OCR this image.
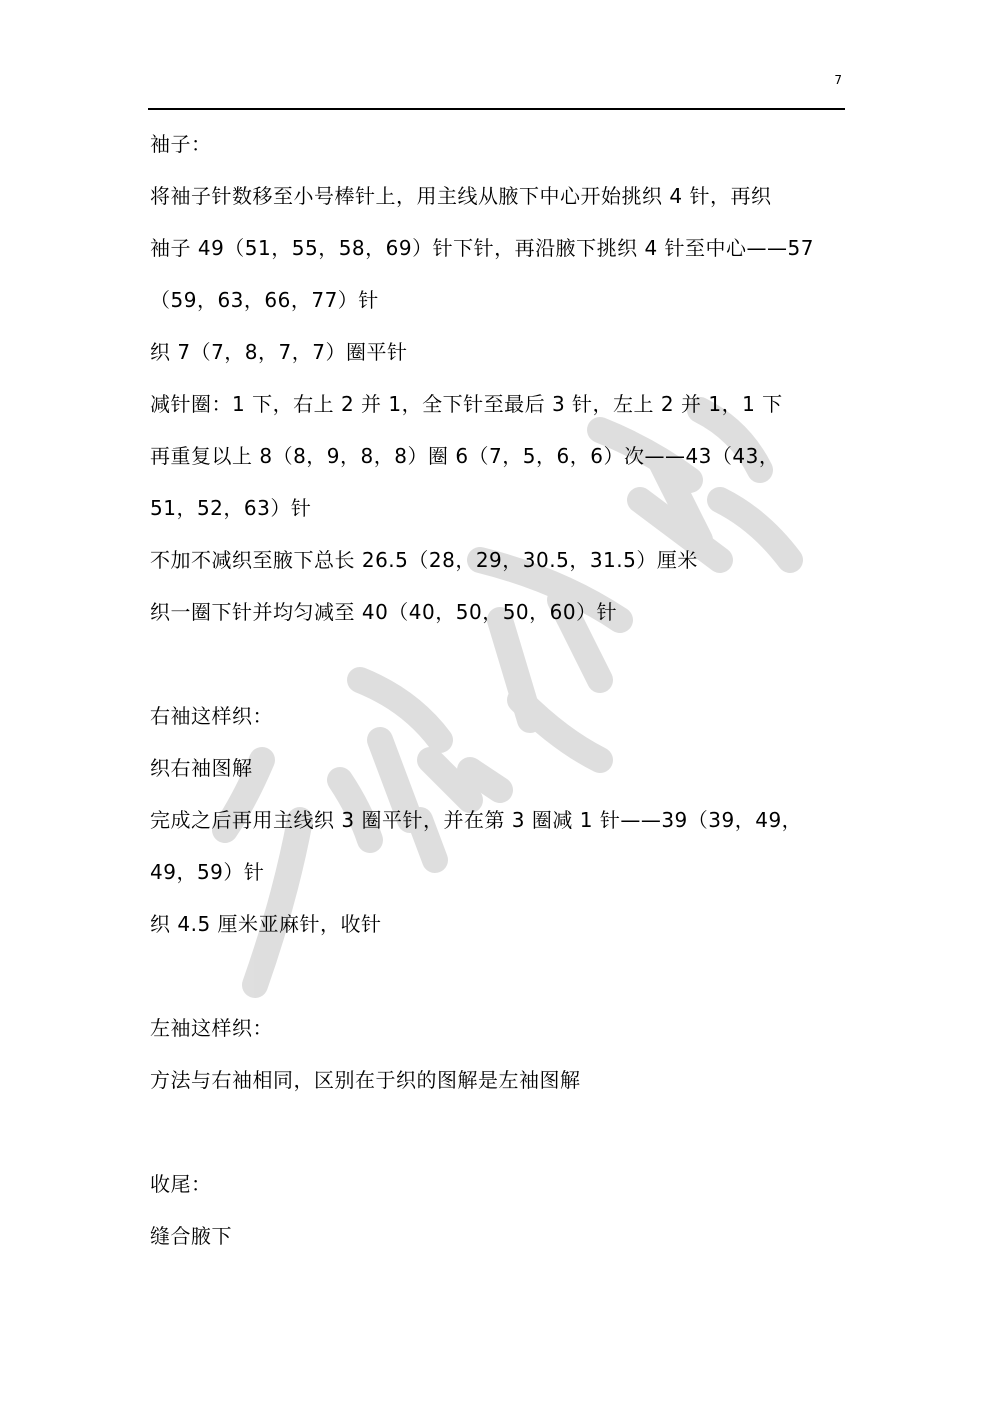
7
袖子：
将袖子针数移至小号棒针上，用主线从腋下中心开始挑织 4 针，再织
袖子 49（51，55，58，69）针下针，再沿腋下挑织 4 针至中心——57
（59，63，66，77）针
织 7（7，8，7，7）圈平针
减针圈：1 下，右上 2 并 1，全下针至最后 3 针，左上 2 并 1，1 下
再重复以上 8（8，9，8，8）圈 6（7，5，6，6）次——43（43，
51，52，63）针
不加不减织至腋下总长 26.5（28，29，30.5，31.5）厘米
织一圈下针并均匀减至 40（40，50，50，60）针
右袖这样织：
织右袖图解
完成之后再用主线织 3 圈平针，并在第 3 圈减 1 针——39（39，49，
49，59）针
织 4.5 厘米亚麻针，收针
左袖这样织：
方法与右袖相同，区别在于织的图解是左袖图解
收尾：
缝合腋下
